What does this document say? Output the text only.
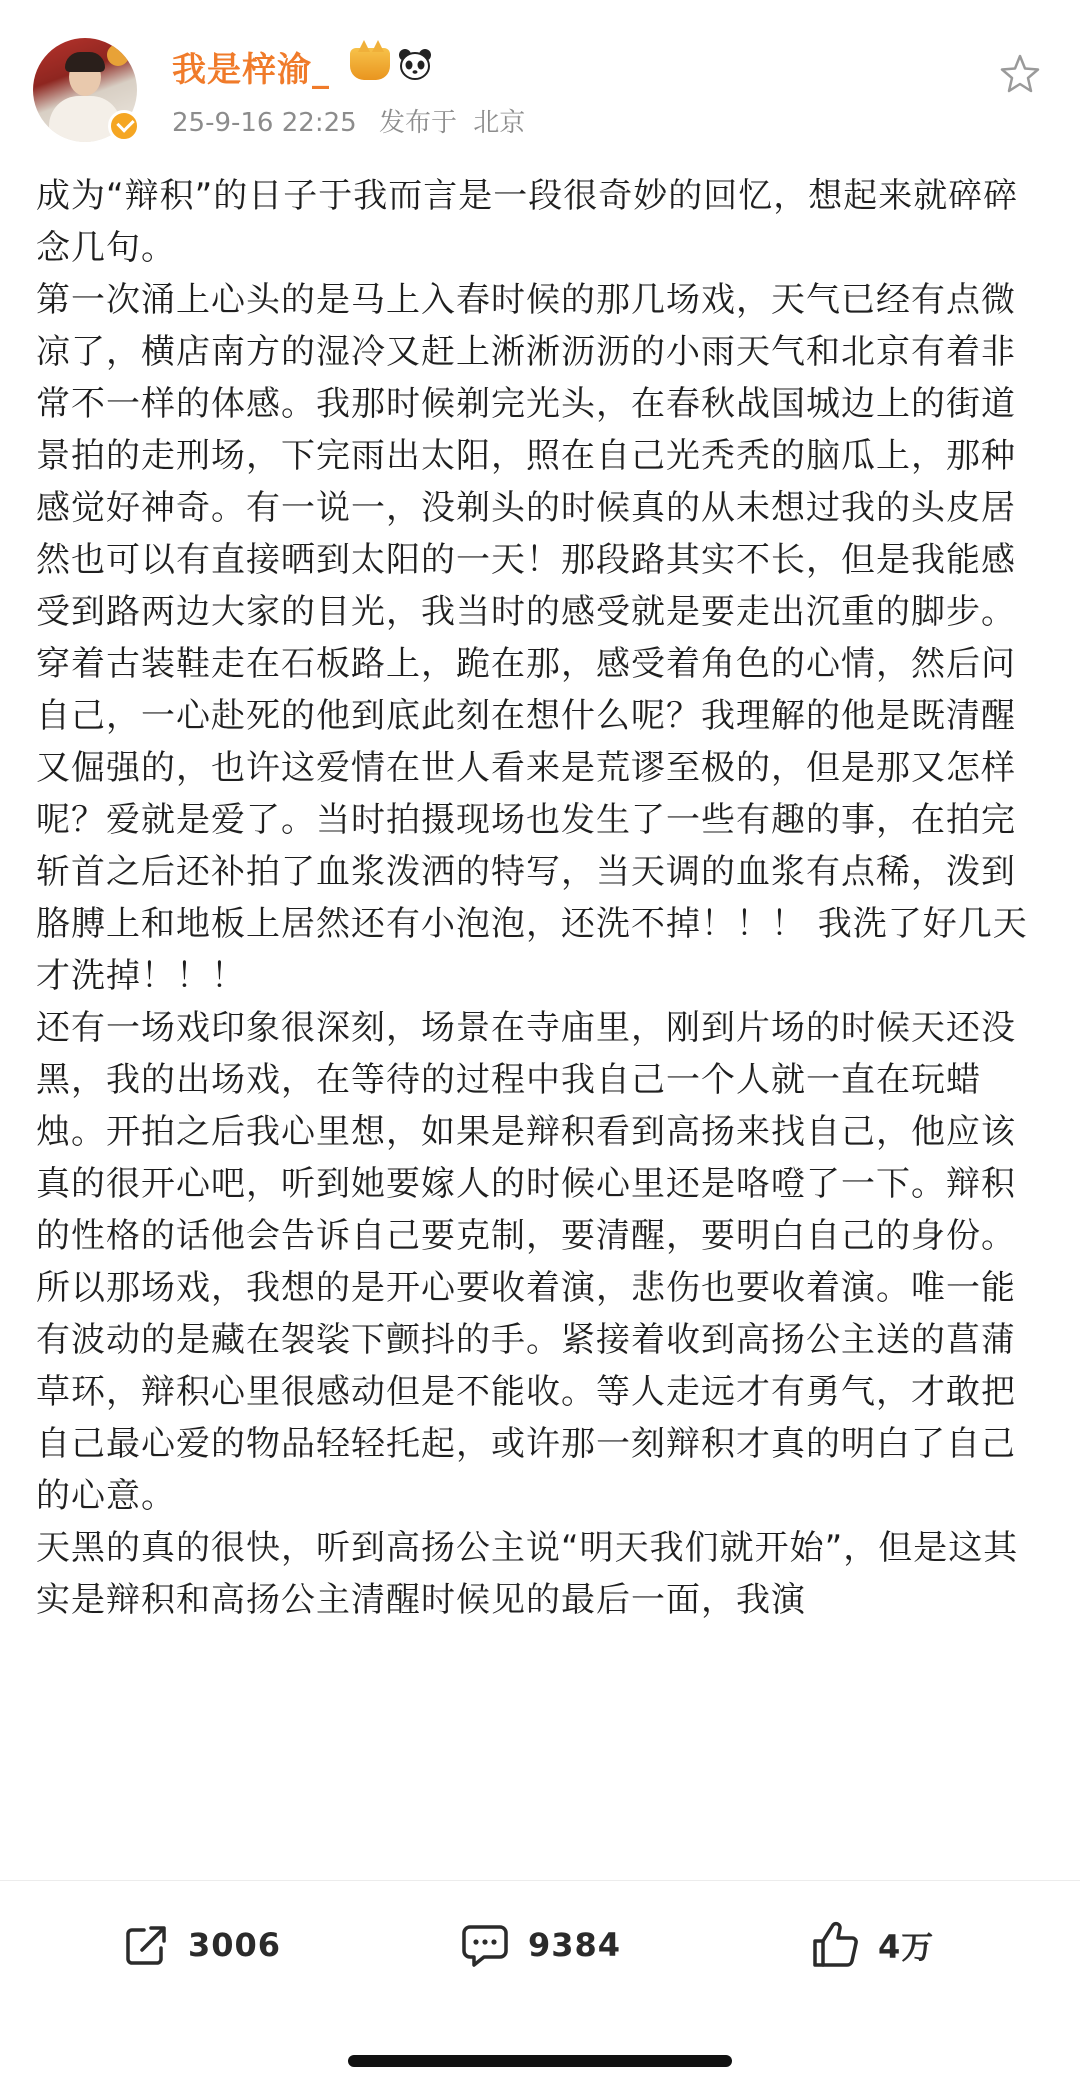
我是梓渝_
25-9-16 22:25 发布于 北京

成为“辩积”的日子于我而言是一段很奇妙的回忆，想起来就碎碎念几句。

第一次涌上心头的是马上入春时候的那几场戏，天气已经有点微凉了，横店南方的湿冷又赶上淅淅沥沥的小雨天气和北京有着非常不一样的体感。我那时候剃完光头，在春秋战国城边上的街道景拍的走刑场，下完雨出太阳，照在自己光秃秃的脑瓜上，那种感觉好神奇。有一说一，没剃头的时候真的从未想过我的头皮居然也可以有直接晒到太阳的一天！那段路其实不长，但是我能感受到路两边大家的目光，我当时的感受就是要走出沉重的脚步。穿着古装鞋走在石板路上，跪在那，感受着角色的心情，然后问自己，一心赴死的他到底此刻在想什么呢？我理解的他是既清醒又倔强的，也许这爱情在世人看来是荒谬至极的，但是那又怎样呢？爱就是爱了。当时拍摄现场也发生了一些有趣的事，在拍完斩首之后还补拍了血浆泼洒的特写，当天调的血浆有点稀，泼到胳膊上和地板上居然还有小泡泡，还洗不掉！！！ 我洗了好几天才洗掉！！！

还有一场戏印象很深刻，场景在寺庙里，刚到片场的时候天还没黑，我的出场戏，在等待的过程中我自己一个人就一直在玩蜡烛。开拍之后我心里想，如果是辩积看到高扬来找自己，他应该真的很开心吧，听到她要嫁人的时候心里还是咯噔了一下。辩积的性格的话他会告诉自己要克制，要清醒，要明白自己的身份。所以那场戏，我想的是开心要收着演，悲伤也要收着演。唯一能有波动的是藏在袈裟下颤抖的手。紧接着收到高扬公主送的菖蒲草环，辩积心里很感动但是不能收。等人走远才有勇气，才敢把自己最心爱的物品轻轻托起，或许那一刻辩积才真的明白了自己的心意。

天黑的真的很快，听到高扬公主说“明天我们就开始”，但是这其实是辩积和高扬公主清醒时候见的最后一面，我演

3006	9384	4万
